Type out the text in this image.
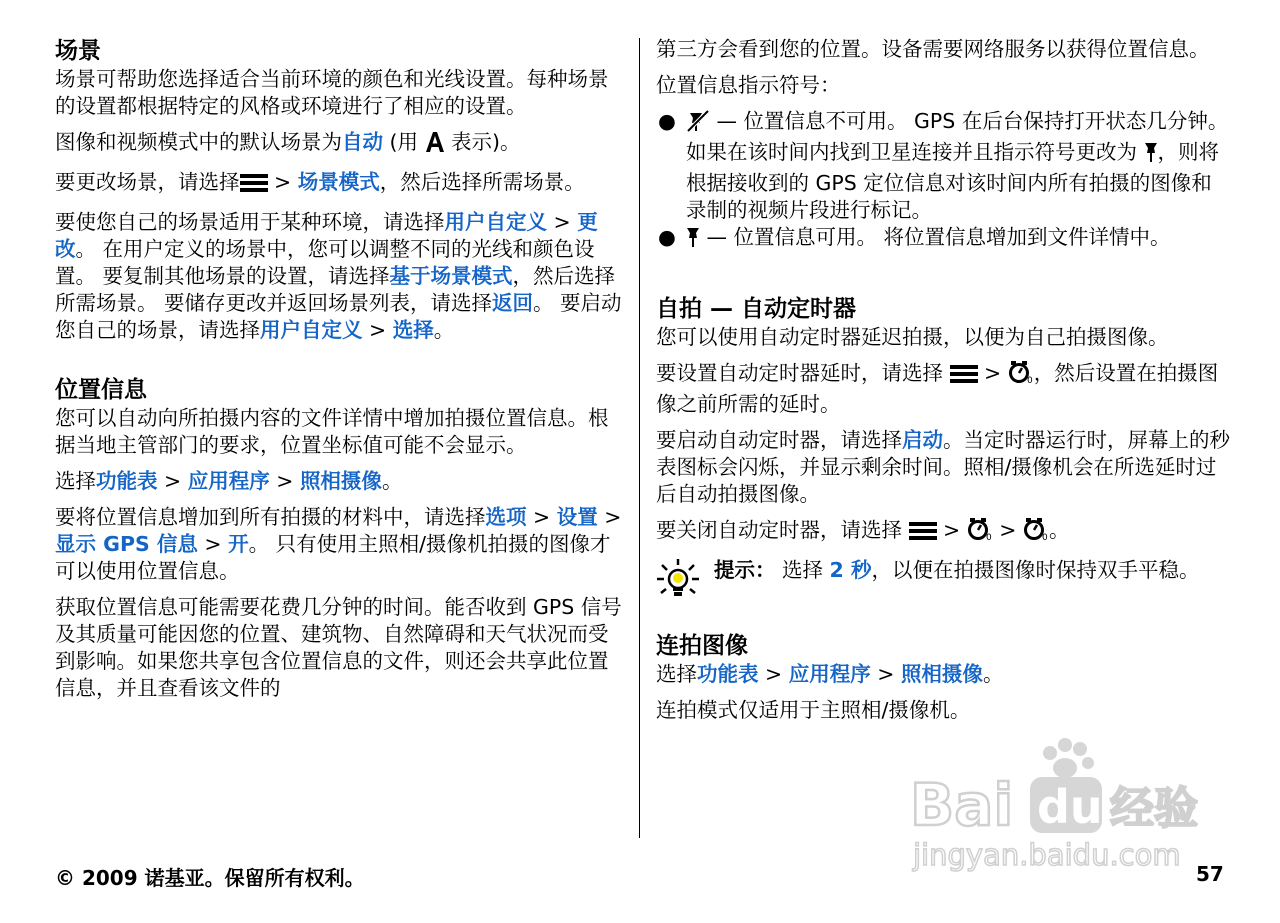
场景

场景可帮助您选择适合当前环境的颜色和光线设置。每种场景的设置都根据特定的风格或环境进行了相应的设置。

图像和视频模式中的默认场景为自动 (用  表示)。

要更改场景，请选择 > 场景模式，然后选择所需场景。

要使您自己的场景适用于某种环境，请选择用户自定义 > 更改。 在用户定义的场景中，您可以调整不同的光线和颜色设置。 要复制其他场景的设置，请选择基于场景模式，然后选择所需场景。 要储存更改并返回场景列表，请选择返回。 要启动您自己的场景，请选择用户自定义 > 选择。

位置信息

您可以自动向所拍摄内容的文件详情中增加拍摄位置信息。根据当地主管部门的要求，位置坐标值可能不会显示。

选择功能表 > 应用程序 > 照相摄像。

要将位置信息增加到所有拍摄的材料中，请选择选项 > 设置 > 显示 GPS 信息 > 开。 只有使用主照相/摄像机拍摄的图像才可以使用位置信息。

获取位置信息可能需要花费几分钟的时间。能否收到 GPS 信号及其质量可能因您的位置、建筑物、自然障碍和天气状况而受到影响。如果您共享包含位置信息的文件，则还会共享此位置信息，并且查看该文件的

第三方会看到您的位置。设备需要网络服务以获得位置信息。

位置信息指示符号：

● — 位置信息不可用。 GPS 在后台保持打开状态几分钟。 如果在该时间内找到卫星连接并且指示符号更改为 ，则将根据接收到的 GPS 定位信息对该时间内所有拍摄的图像和录制的视频片段进行标记。
● — 位置信息可用。 将位置信息增加到文件详情中。
自拍 — 自动定时器

您可以使用自动定时器延迟拍摄，以便为自己拍摄图像。

要设置自动定时器延时，请选择  > 0 ，然后设置在拍摄图像之前所需的延时。

要启动自动定时器，请选择启动。当定时器运行时，屏幕上的秒表图标会闪烁，并显示剩余时间。照相/摄像机会在所选延时过后自动拍摄图像。

要关闭自动定时器，请选择  > 0 > 0 。

提示： 选择 2 秒，以便在拍摄图像时保持双手平稳。

连拍图像

选择功能表 > 应用程序 > 照相摄像。

连拍模式仅适用于主照相/摄像机。

Bai du 经验
jingyan.baidu.com
© 2009 诺基亚。保留所有权利。	57
